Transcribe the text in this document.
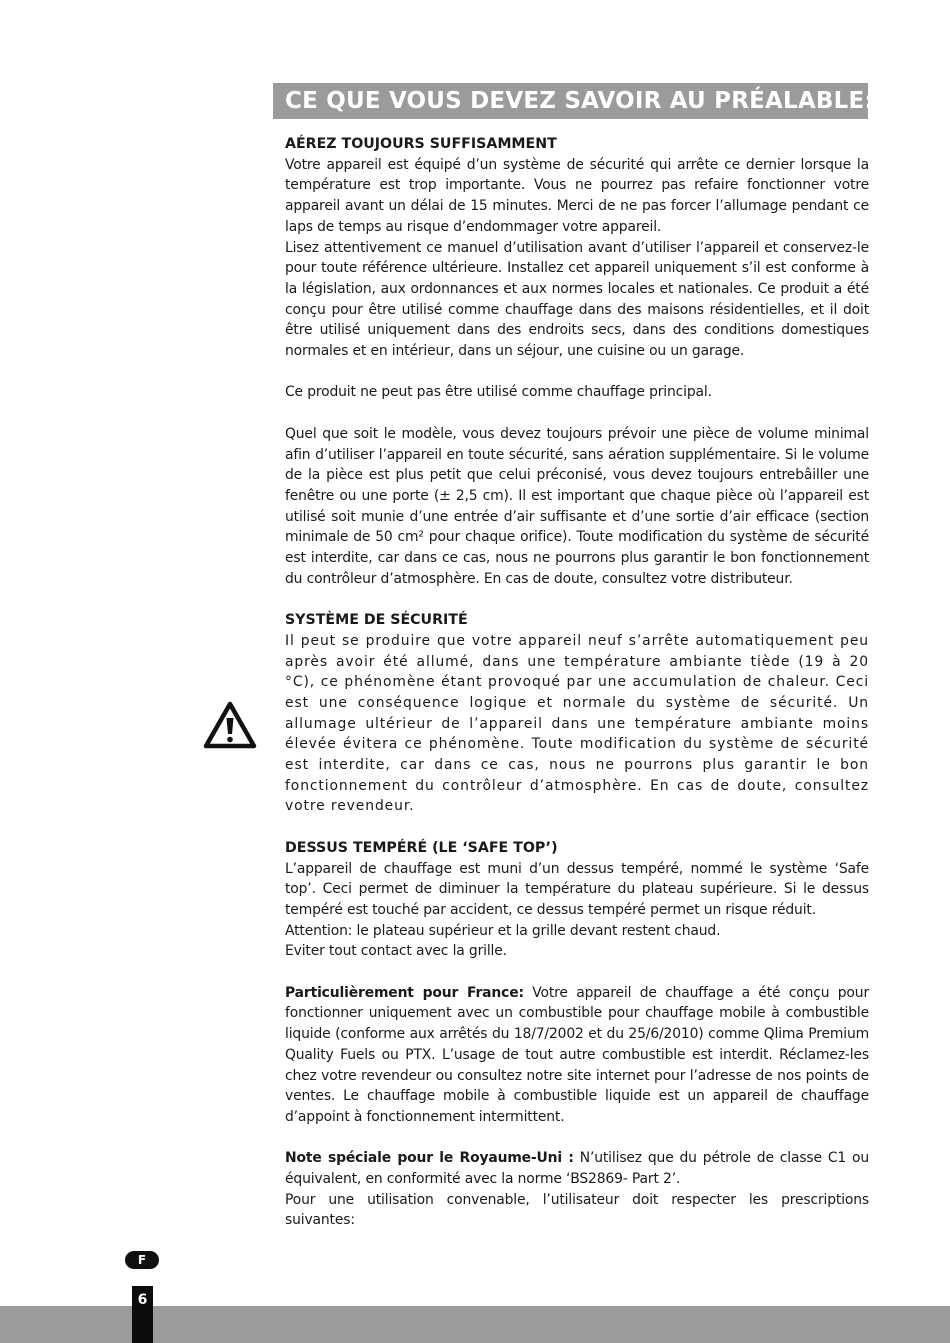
CE QUE VOUS DEVEZ SAVOIR AU PRÉALABLE:
AÉREZ TOUJOURS SUFFISAMMENT

Votre appareil est équipé d’un système de sécurité qui arrête ce dernier lorsque la température est trop importante. Vous ne pourrez pas refaire fonctionner votre appareil avant un délai de 15 minutes. Merci de ne pas forcer l’allumage pendant ce laps de temps au risque d’endommager votre appareil.

Lisez attentivement ce manuel d’utilisation avant d’utiliser l’appareil et conservez-le pour toute référence ultérieure. Installez cet appareil uniquement s’il est conforme à la législation, aux ordonnances et aux normes locales et nationales. Ce produit a été conçu pour être utilisé comme chauffage dans des maisons résidentielles, et il doit être utilisé uniquement dans des endroits secs, dans des conditions domestiques normales et en intérieur, dans un séjour, une cuisine ou un garage.

Ce produit ne peut pas être utilisé comme chauffage principal.

Quel que soit le modèle, vous devez toujours prévoir une pièce de volume minimal afin d’utiliser l’appareil en toute sécurité, sans aération supplémentaire. Si le volume de la pièce est plus petit que celui préconisé, vous devez toujours entrebâiller une fenêtre ou une porte (± 2,5 cm). Il est important que chaque pièce où l’appareil est utilisé soit munie d’une entrée d’air suffisante et d’une sortie d’air efficace (section minimale de 50 cm² pour chaque orifice). Toute modification du système de sécurité est interdite, car dans ce cas, nous ne pourrons plus garantir le bon fonctionnement du contrôleur d’atmosphère. En cas de doute, consultez votre distributeur.

SYSTÈME DE SÉCURITÉ

Il peut se produire que votre appareil neuf s’arrête automatiquement peu après avoir été allumé, dans une température ambiante tiède (19 à 20 °C), ce phénomène étant provoqué par une accumulation de chaleur. Ceci est une conséquence logique et normale du système de sécurité. Un allumage ultérieur de l’appareil dans une température ambiante moins élevée évitera ce phénomène. Toute modification du système de sécurité est interdite, car dans ce cas, nous ne pourrons plus garantir le bon fonctionnement du contrôleur d’atmosphère. En cas de doute, consultez votre revendeur.

DESSUS TEMPÉRÉ (LE ‘SAFE TOP’)

L’appareil de chauffage est muni d’un dessus tempéré, nommé le système ‘Safe top’. Ceci permet de diminuer la température du plateau supérieure. Si le dessus tempéré est touché par accident, ce dessus tempéré permet un risque réduit.

Attention: le plateau supérieur et la grille devant restent chaud.

Eviter tout contact avec la grille.

Particulièrement pour France: Votre appareil de chauffage a été conçu pour fonctionner uniquement avec un combustible pour chauffage mobile à combustible liquide (conforme aux arrêtés du 18/7/2002 et du 25/6/2010) comme Qlima Premium Quality Fuels ou PTX. L’usage de tout autre combustible est interdit. Réclamez-les chez votre revendeur ou consultez notre site internet pour l’adresse de nos points de ventes. Le chauffage mobile à combustible liquide est un appareil de chauffage d’appoint à fonctionnement intermittent.

Note spéciale pour le Royaume-Uni : N’utilisez que du pétrole de classe C1 ou équivalent, en conformité avec la norme ‘BS2869- Part 2’.

Pour une utilisation convenable, l’utilisateur doit respecter les prescriptions suivantes:

F
6
